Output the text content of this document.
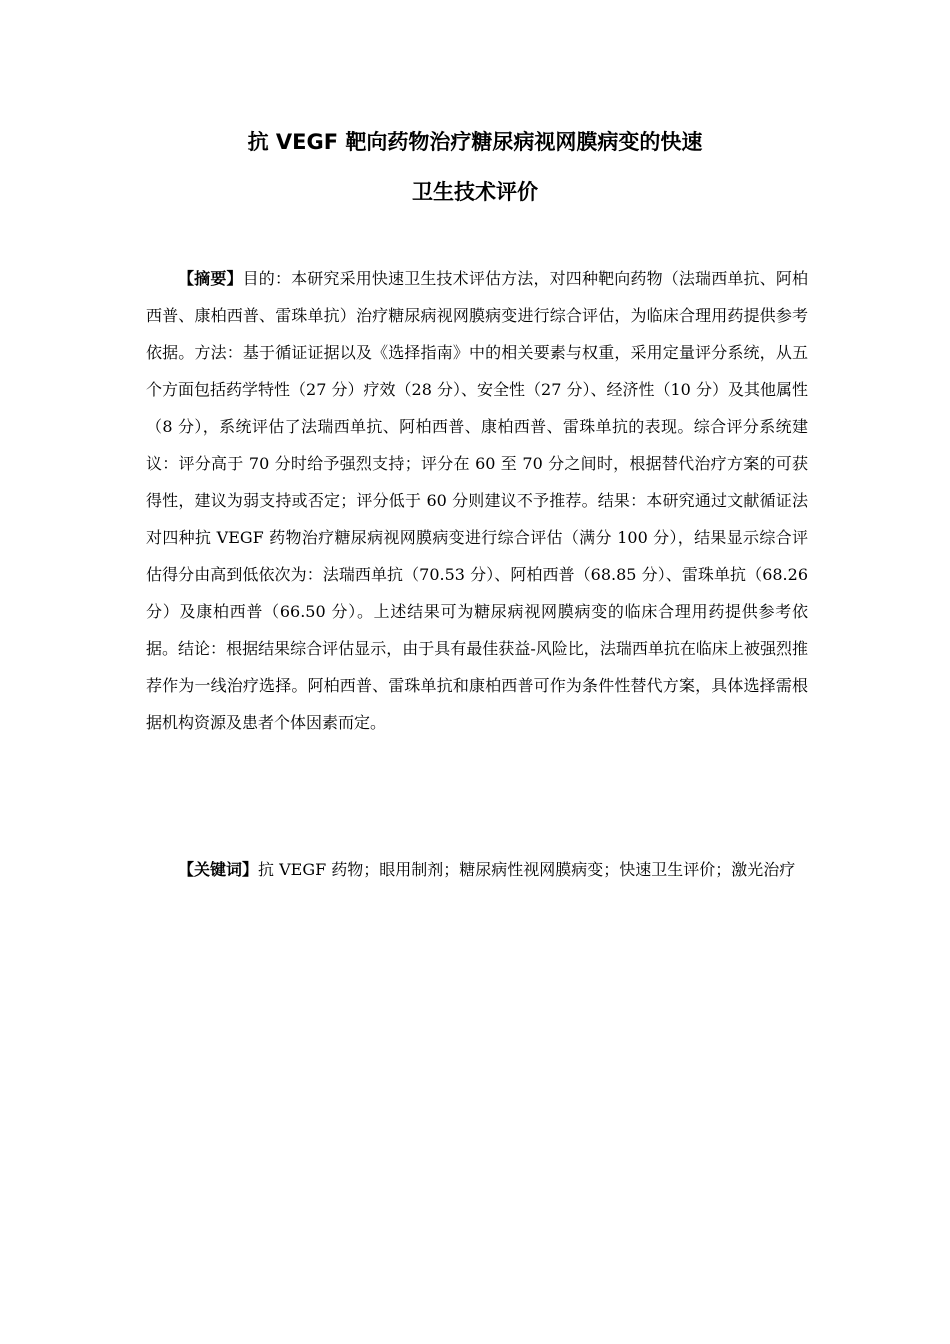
抗 VEGF 靶向药物治疗糖尿病视网膜病变的快速
卫生技术评价

【摘要】目的：本研究采用快速卫生技术评估方法，对四种靶向药物（法瑞西单抗、阿柏西普、康柏西普、雷珠单抗）治疗糖尿病视网膜病变进行综合评估，为临床合理用药提供参考依据。方法：基于循证证据以及《选择指南》中的相关要素与权重，采用定量评分系统，从五个方面包括药学特性（27 分）疗效（28 分）、安全性（27 分）、经济性（10 分）及其他属性（8 分），系统评估了法瑞西单抗、阿柏西普、康柏西普、雷珠单抗的表现。综合评分系统建议：评分高于 70 分时给予强烈支持；评分在 60 至 70 分之间时，根据替代治疗方案的可获得性，建议为弱支持或否定；评分低于 60 分则建议不予推荐。结果：本研究通过文献循证法对四种抗 VEGF 药物治疗糖尿病视网膜病变进行综合评估（满分 100 分），结果显示综合评估得分由高到低依次为：法瑞西单抗（70.53 分）、阿柏西普（68.85 分）、雷珠单抗（68.26 分）及康柏西普（66.50 分）。上述结果可为糖尿病视网膜病变的临床合理用药提供参考依据。结论：根据结果综合评估显示，由于具有最佳获益-风险比，法瑞西单抗在临床上被强烈推荐作为一线治疗选择。阿柏西普、雷珠单抗和康柏西普可作为条件性替代方案，具体选择需根据机构资源及患者个体因素而定。

【关键词】抗 VEGF 药物；眼用制剂；糖尿病性视网膜病变；快速卫生评价；激光治疗
